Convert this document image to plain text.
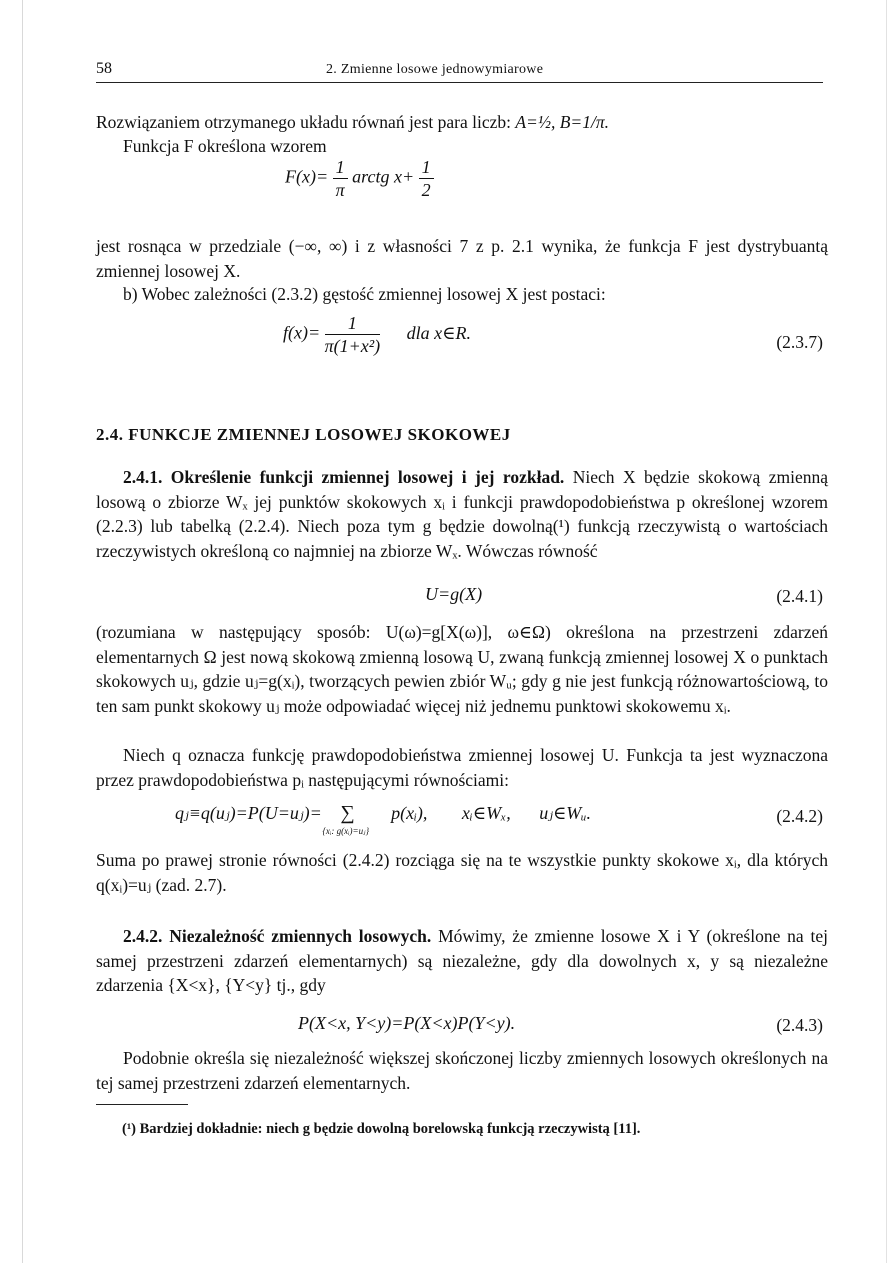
58	2. Zmienne losowe jednowymiarowe

Rozwiązaniem otrzymanego układu równań jest para liczb: A=½, B=1/π.

Funkcja F określona wzorem

$F(x)= \frac{1}{\pi}$ arctg $x+ \frac{1}{2}$

jest rosnąca w przedziale (−∞, ∞) i z własności 7 z p. 2.1 wynika, że funkcja F jest dystrybuantą zmiennej losowej X.

b) Wobec zależności (2.3.2) gęstość zmiennej losowej X jest postaci:

$f(x)= \frac{1}{\text{π(1+x²)}}$ dla x∈R.	(2.3.7)
2.4. FUNKCJE ZMIENNEJ LOSOWEJ SKOKOWEJ

2.4.1. Określenie funkcji zmiennej losowej i jej rozkład. Niech X będzie skokową zmienną losową o zbiorze Wₓ jej punktów skokowych xᵢ i funkcji prawdopodobieństwa p określonej wzorem (2.2.3) lub tabelką (2.2.4). Niech poza tym g będzie dowolną(¹) funkcją rzeczywistą o wartościach rzeczywistych określoną co najmniej na zbiorze Wₓ. Wówczas równość

U=g(X)	(2.4.1)

(rozumiana w następujący sposób: U(ω)=g[X(ω)], ω∈Ω) określona na przestrzeni zdarzeń elementarnych Ω jest nową skokową zmienną losową U, zwaną funkcją zmiennej losowej X o punktach skokowych uⱼ, gdzie uⱼ=g(xᵢ), tworzących pewien zbiór Wᵤ; gdy g nie jest funkcją różnowartościową, to ten sam punkt skokowy uⱼ może odpowiadać więcej niż jednemu punktowi skokowemu xᵢ.

Niech q oznacza funkcję prawdopodobieństwa zmiennej losowej U. Funkcja ta jest wyznaczona przez prawdopodobieństwa pᵢ następującymi równościami:

qⱼ≡q(uⱼ)=P(U=uⱼ)= ∑
{xᵢ: g(xᵢ)=uⱼ}
p(xᵢ), xᵢ∈Wₓ, uⱼ∈Wᵤ.	(2.4.2)

Suma po prawej stronie równości (2.4.2) rozciąga się na te wszystkie punkty skokowe xᵢ, dla których q(xᵢ)=uⱼ (zad. 2.7).

2.4.2. Niezależność zmiennych losowych. Mówimy, że zmienne losowe X i Y (określone na tej samej przestrzeni zdarzeń elementarnych) są niezależne, gdy dla dowolnych x, y są niezależne zdarzenia {X<x}, {Y<y} tj., gdy

P(X<x, Y<y)=P(X<x)P(Y<y).	(2.4.3)

Podobnie określa się niezależność większej skończonej liczby zmiennych losowych określonych na tej samej przestrzeni zdarzeń elementarnych.

(¹) Bardziej dokładnie: niech g będzie dowolną borelowską funkcją rzeczywistą [11].
